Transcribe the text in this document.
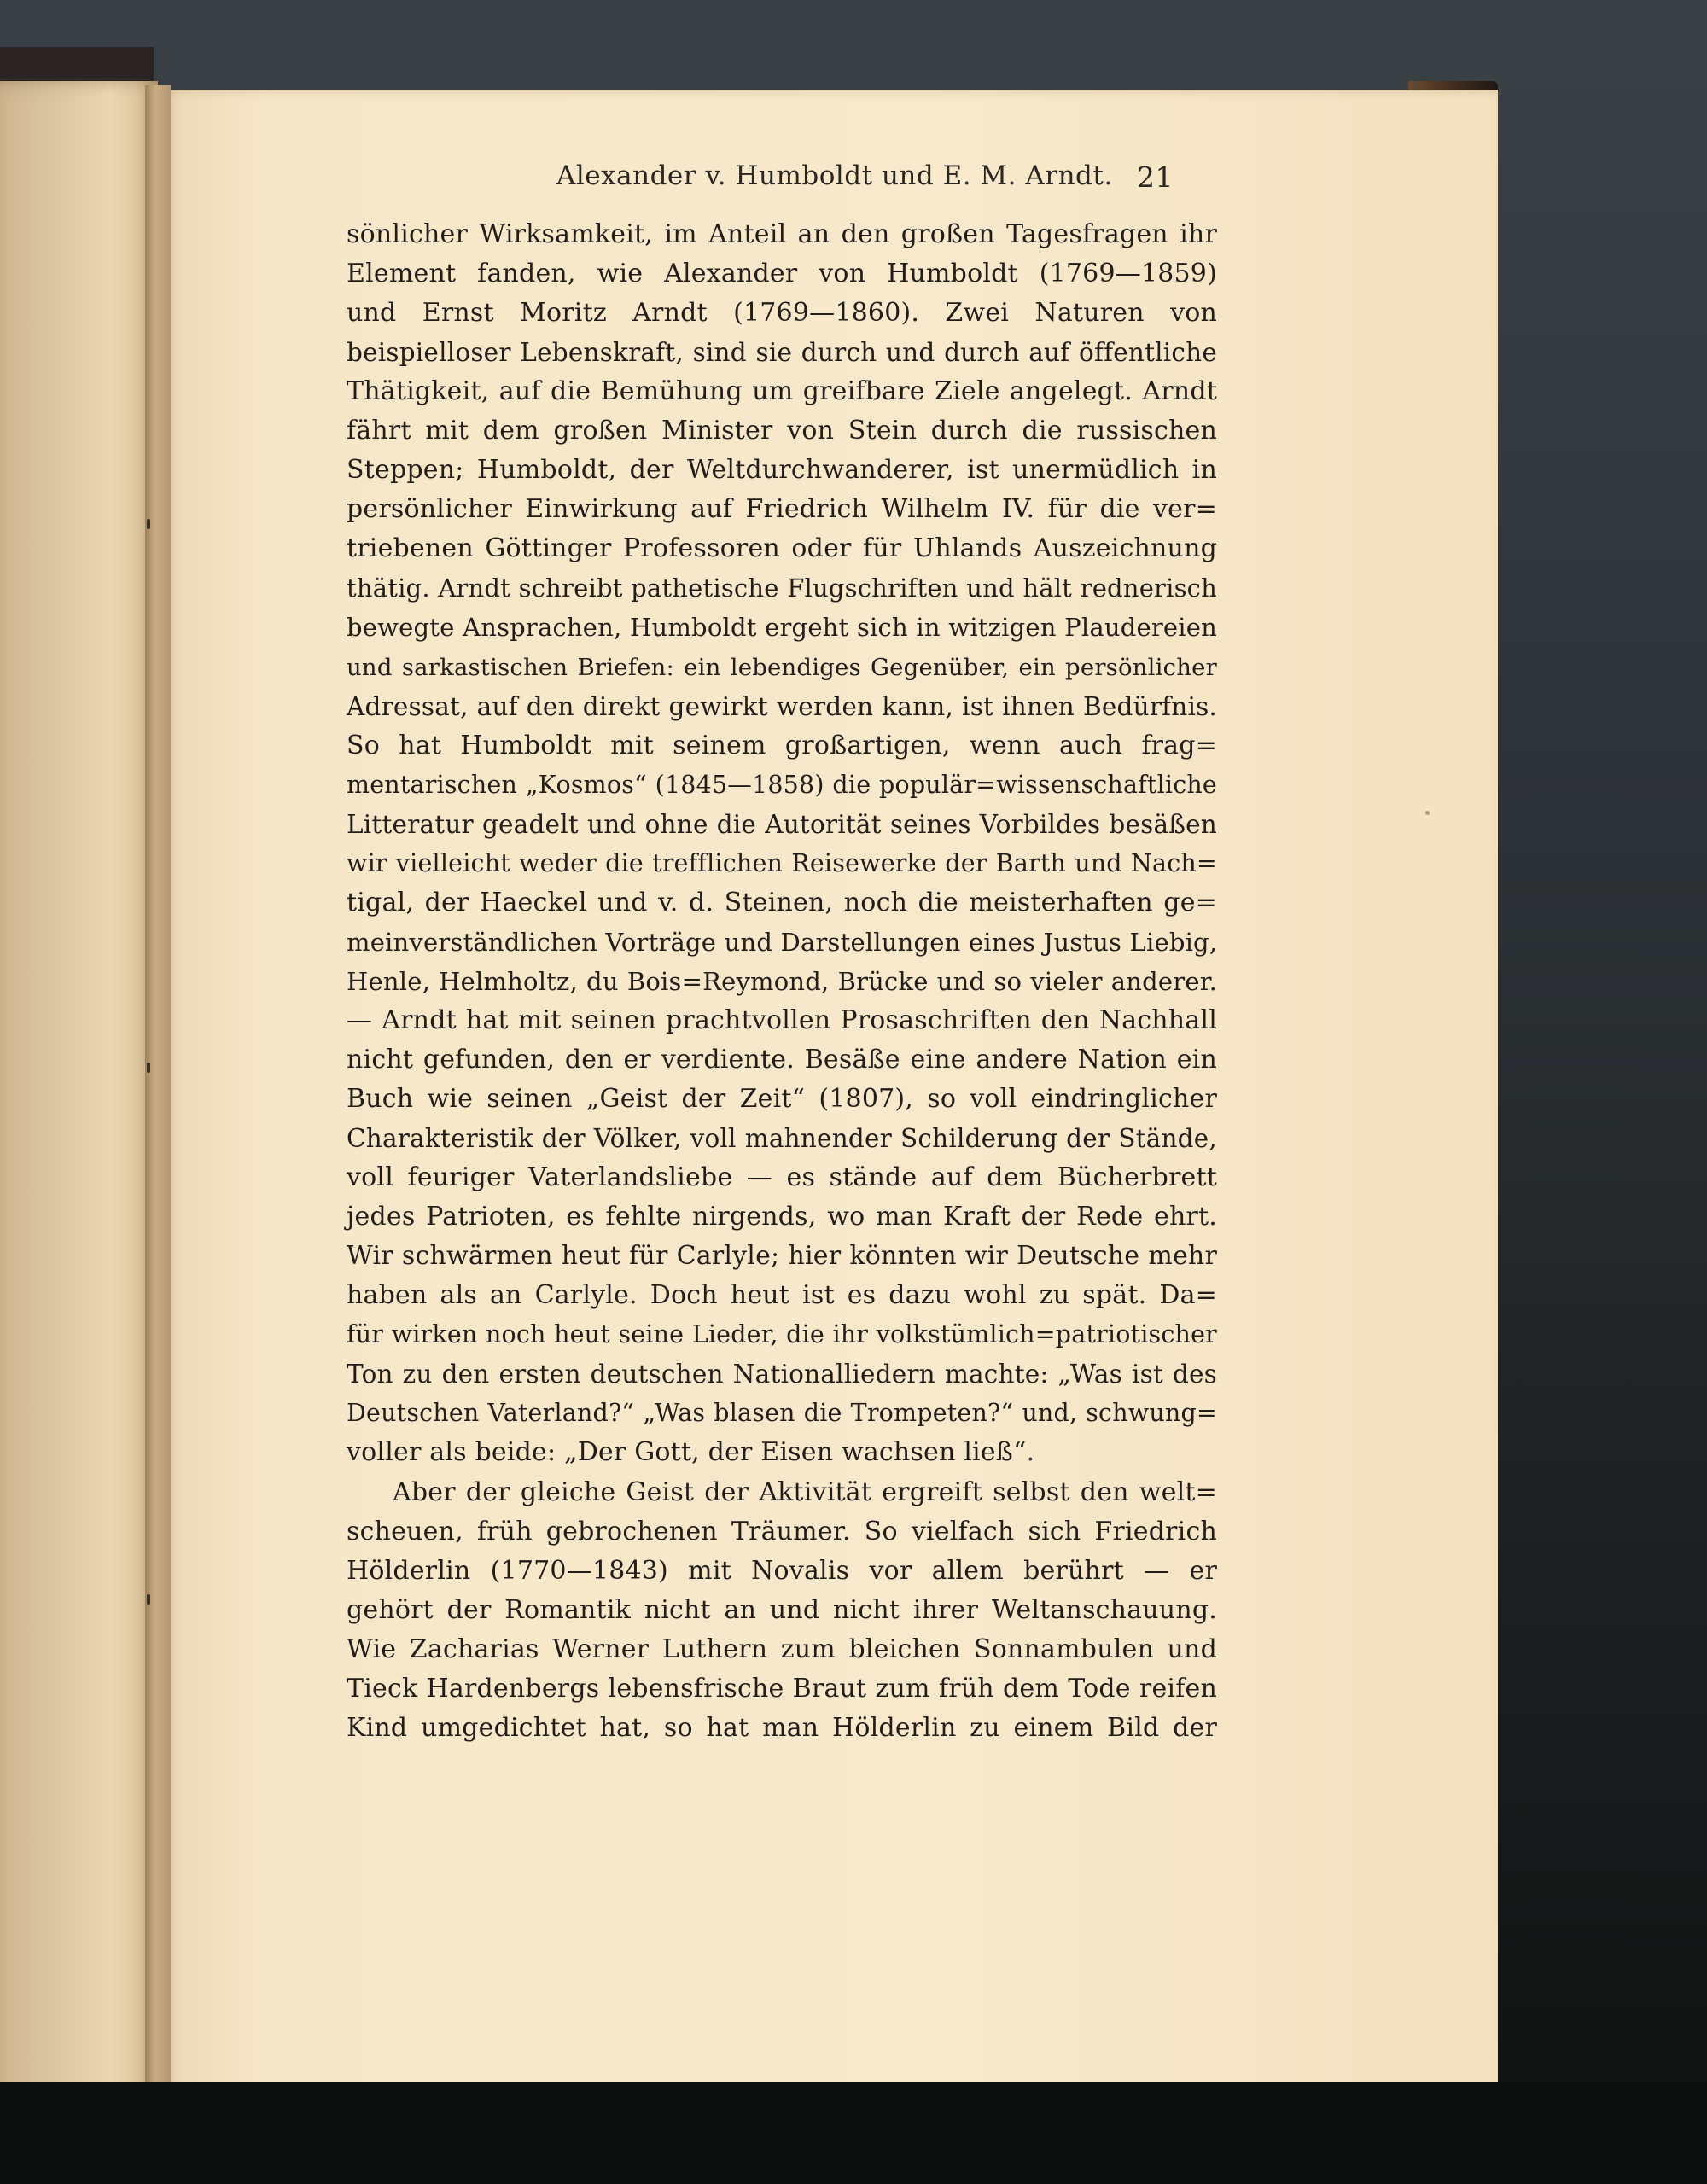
Alexander v. Humboldt und E. M. Arndt. 21
sönlicher Wirksamkeit, im Anteil an den großen Tagesfragen ihr
Element fanden, wie Alexander von Humboldt (1769—1859)
und Ernst Moritz Arndt (1769—1860). Zwei Naturen von
beispielloser Lebenskraft, sind sie durch und durch auf öffentliche
Thätigkeit, auf die Bemühung um greifbare Ziele angelegt. Arndt
fährt mit dem großen Minister von Stein durch die russischen
Steppen; Humboldt, der Weltdurchwanderer, ist unermüdlich in
persönlicher Einwirkung auf Friedrich Wilhelm IV. für die ver=
triebenen Göttinger Professoren oder für Uhlands Auszeichnung
thätig. Arndt schreibt pathetische Flugschriften und hält rednerisch
bewegte Ansprachen, Humboldt ergeht sich in witzigen Plaudereien
und sarkastischen Briefen: ein lebendiges Gegenüber, ein persönlicher
Adressat, auf den direkt gewirkt werden kann, ist ihnen Bedürfnis.
So hat Humboldt mit seinem großartigen, wenn auch frag=
mentarischen „Kosmos“ (1845—1858) die populär=wissenschaftliche
Litteratur geadelt und ohne die Autorität seines Vorbildes besäßen
wir vielleicht weder die trefflichen Reisewerke der Barth und Nach=
tigal, der Haeckel und v. d. Steinen, noch die meisterhaften ge=
meinverständlichen Vorträge und Darstellungen eines Justus Liebig,
Henle, Helmholtz, du Bois=Reymond, Brücke und so vieler anderer.
— Arndt hat mit seinen prachtvollen Prosaschriften den Nachhall
nicht gefunden, den er verdiente. Besäße eine andere Nation ein
Buch wie seinen „Geist der Zeit“ (1807), so voll eindringlicher
Charakteristik der Völker, voll mahnender Schilderung der Stände,
voll feuriger Vaterlandsliebe — es stände auf dem Bücherbrett
jedes Patrioten, es fehlte nirgends, wo man Kraft der Rede ehrt.
Wir schwärmen heut für Carlyle; hier könnten wir Deutsche mehr
haben als an Carlyle. Doch heut ist es dazu wohl zu spät. Da=
für wirken noch heut seine Lieder, die ihr volkstümlich=patriotischer
Ton zu den ersten deutschen Nationalliedern machte: „Was ist des
Deutschen Vaterland?“ „Was blasen die Trompeten?“ und, schwung=
voller als beide: „Der Gott, der Eisen wachsen ließ“.
Aber der gleiche Geist der Aktivität ergreift selbst den welt=
scheuen, früh gebrochenen Träumer. So vielfach sich Friedrich
Hölderlin (1770—1843) mit Novalis vor allem berührt — er
gehört der Romantik nicht an und nicht ihrer Weltanschauung.
Wie Zacharias Werner Luthern zum bleichen Sonnambulen und
Tieck Hardenbergs lebensfrische Braut zum früh dem Tode reifen
Kind umgedichtet hat, so hat man Hölderlin zu einem Bild der
